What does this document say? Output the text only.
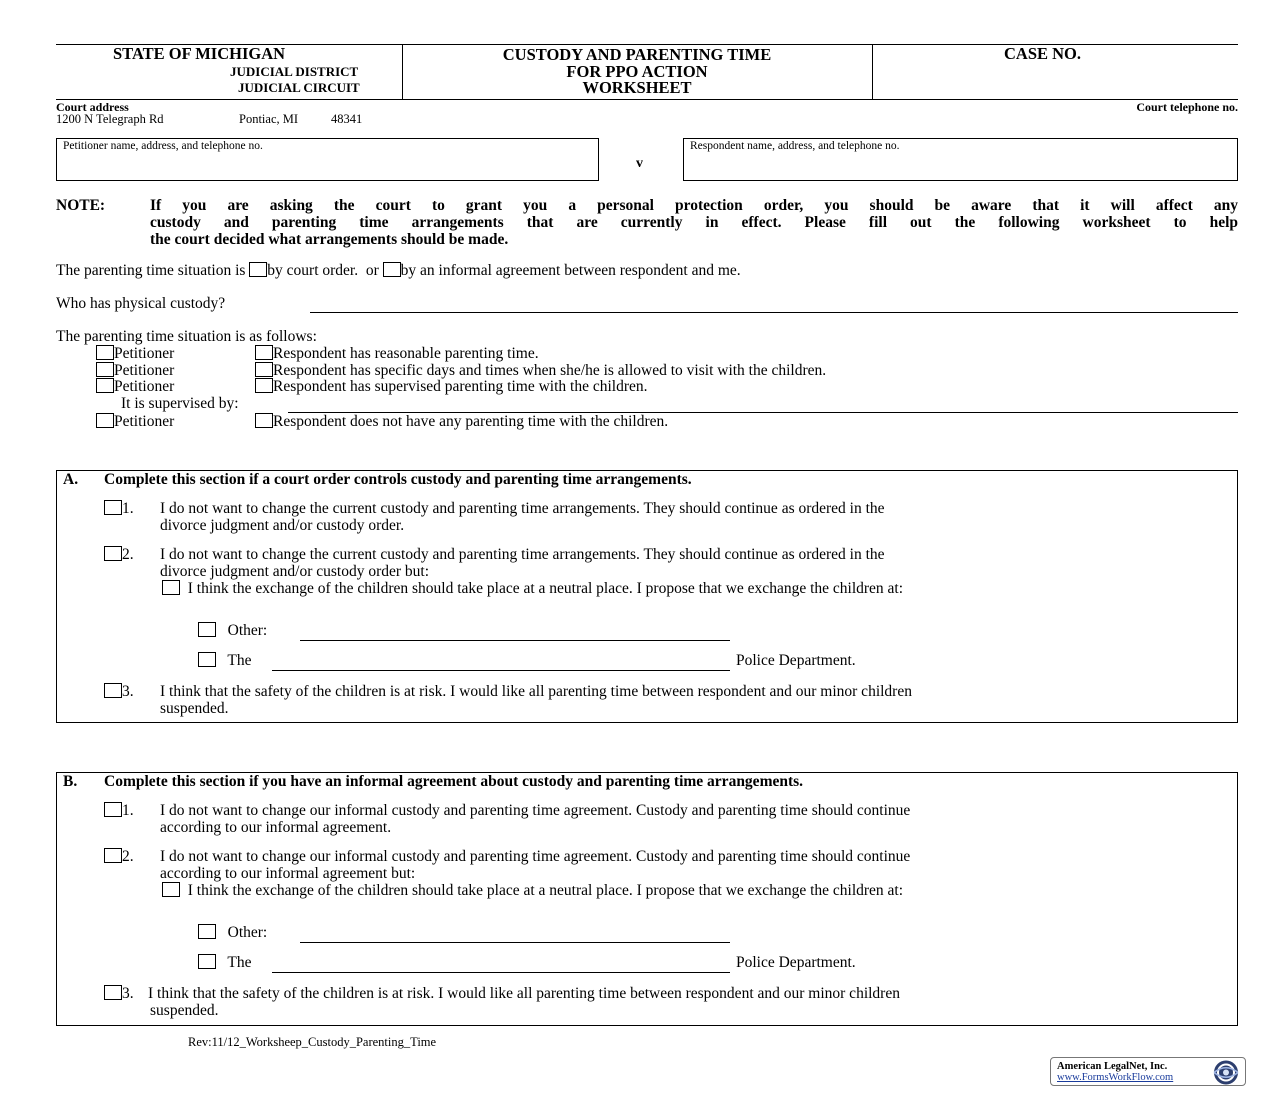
STATE OF MICHIGAN
JUDICIAL DISTRICT
JUDICIAL CIRCUIT
CUSTODY AND PARENTING TIME
FOR PPO ACTION
WORKSHEET
CASE NO.
Court address
1200 N Telegraph Rd	Pontiac, MI	48341
Court telephone no.
Petitioner name, address, and telephone no.
v
Respondent name, address, and telephone no.
NOTE:	If you are asking the court to grant you a personal protection order, you should be aware that it will affect any
custody and parenting time arrangements that are currently in effect. Please fill out the following worksheet to help
the court decided what arrangements should be made.
The parenting time situation is by court order. or by an informal agreement between respondent and me.
Who has physical custody?
The parenting time situation is as follows:
Petitioner	Respondent has reasonable parenting time.
Petitioner	Respondent has specific days and times when she/he is allowed to visit with the children.
Petitioner	Respondent has supervised parenting time with the children.
It is supervised by:
Petitioner	Respondent does not have any parenting time with the children.
A. Complete this section if a court order controls custody and parenting time arrangements.
1. I do not want to change the current custody and parenting time arrangements. They should continue as ordered in the
divorce judgment and/or custody order.
2. I do not want to change the current custody and parenting time arrangements. They should continue as ordered in the
divorce judgment and/or custody order but:
I think the exchange of the children should take place at a neutral place. I propose that we exchange the children at:
Other:
The	Police Department.
3. I think that the safety of the children is at risk. I would like all parenting time between respondent and our minor children
suspended.
B. Complete this section if you have an informal agreement about custody and parenting time arrangements.
1. I do not want to change our informal custody and parenting time agreement. Custody and parenting time should continue
according to our informal agreement.
2. I do not want to change our informal custody and parenting time agreement. Custody and parenting time should continue
according to our informal agreement but:
I think the exchange of the children should take place at a neutral place. I propose that we exchange the children at:
Other:
The	Police Department.
3. I think that the safety of the children is at risk. I would like all parenting time between respondent and our minor children
suspended.
Rev:11/12_Worksheep_Custody_Parenting_Time
American LegalNet, Inc.
www.FormsWorkFlow.com
